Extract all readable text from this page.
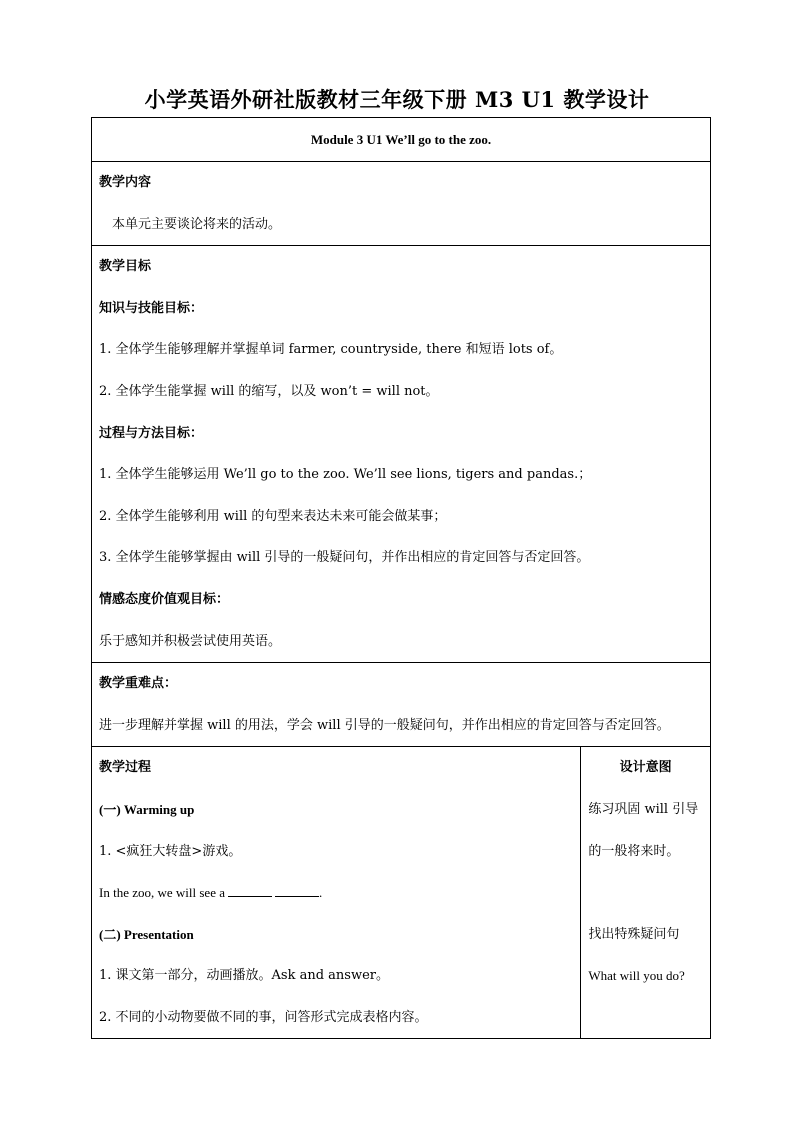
小学英语外研社版教材三年级下册 M3 U1 教学设计
Module 3 U1 We’ll go to the zoo.

教学内容
本单元主要谈论将来的活动。

教学目标
知识与技能目标：
1. 全体学生能够理解并掌握单词 farmer, countryside, there 和短语 lots of。
2. 全体学生能掌握 will 的缩写，以及 won’t = will not。
过程与方法目标：
1. 全体学生能够运用 We’ll go to the zoo. We’ll see lions, tigers and pandas.；
2. 全体学生能够利用 will 的句型来表达未来可能会做某事；
3. 全体学生能够掌握由 will 引导的一般疑问句，并作出相应的肯定回答与否定回答。
情感态度价值观目标：
乐于感知并积极尝试使用英语。

教学重难点：
进一步理解并掌握 will 的用法，学会 will 引导的一般疑问句，并作出相应的肯定回答与否定回答。

教学过程
(一) Warming up
1. <疯狂大转盘>游戏。
In the zoo, we will see a	.
(二) Presentation
1. 课文第一部分，动画播放。Ask and answer。
2. 不同的小动物要做不同的事，问答形式完成表格内容。

设计意图
练习巩固 will 引导
的一般将来时。
找出特殊疑问句
What will you do?
